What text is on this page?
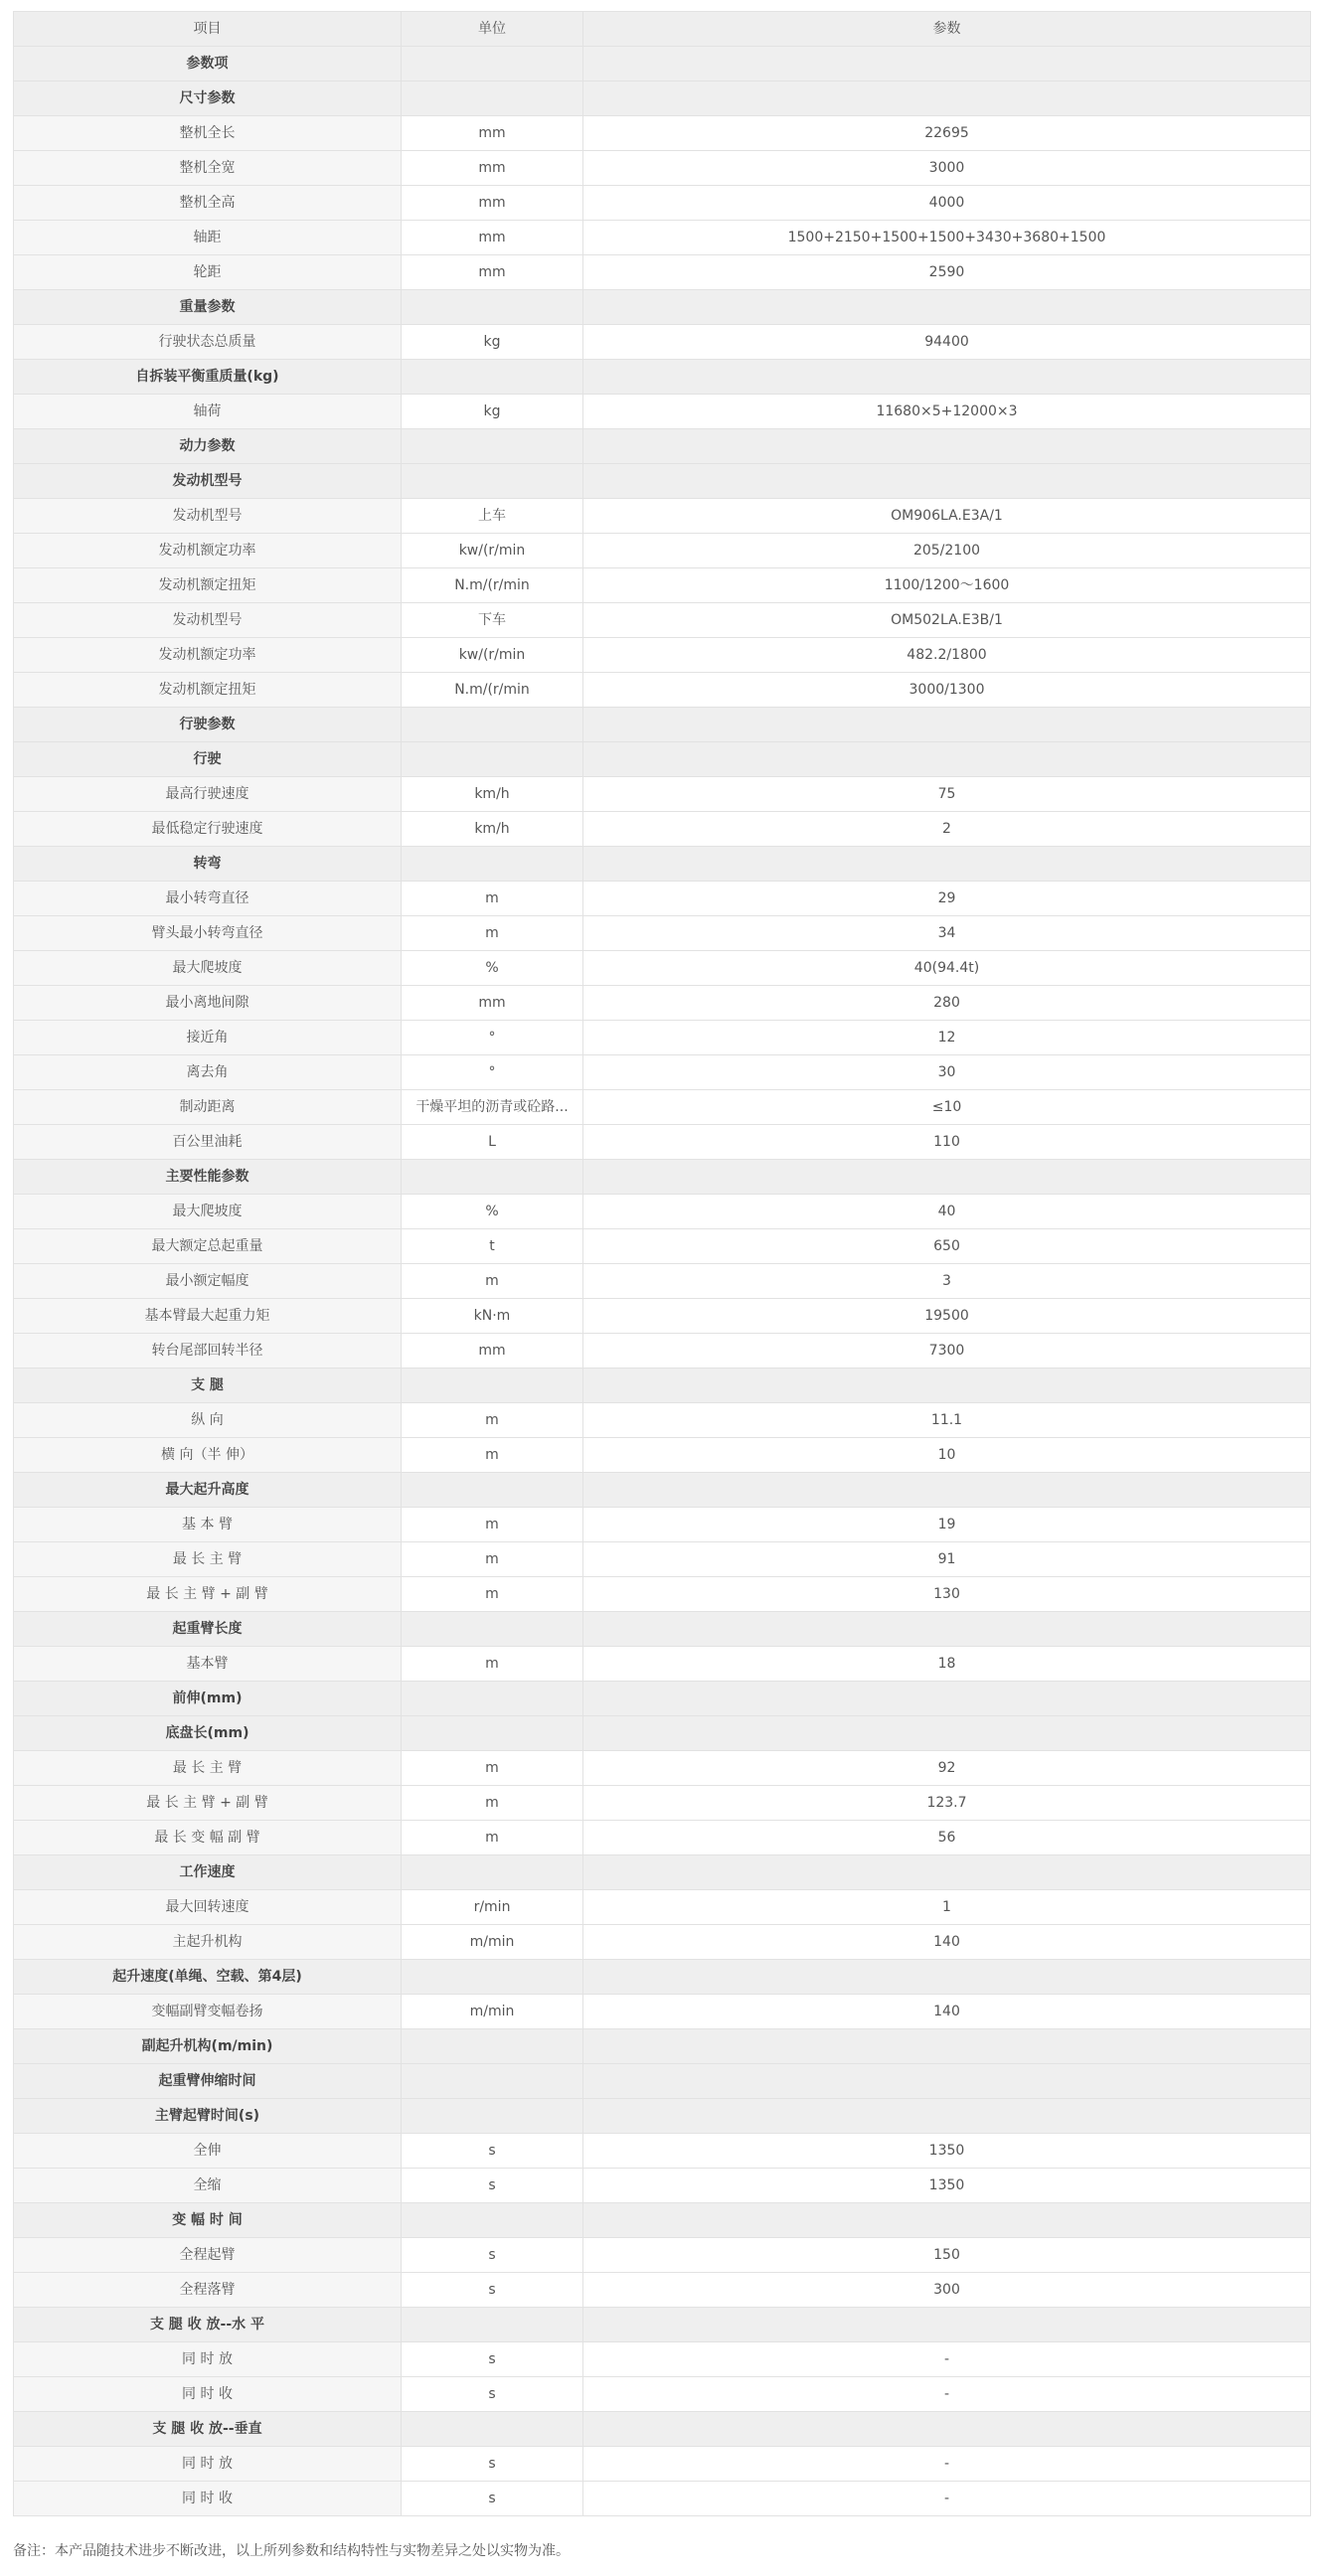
项目	单位	参数
参数项		
尺寸参数		
整机全长	mm	22695
整机全宽	mm	3000
整机全高	mm	4000
轴距	mm	1500+2150+1500+1500+3430+3680+1500
轮距	mm	2590
重量参数		
行驶状态总质量	kg	94400
自拆装平衡重质量(kg)		
轴荷	kg	11680×5+12000×3
动力参数		
发动机型号		
发动机型号	上车	OM906LA.E3A/1
发动机额定功率	kw/(r/min	205/2100
发动机额定扭矩	N.m/(r/min	1100/1200～1600
发动机型号	下车	OM502LA.E3B/1
发动机额定功率	kw/(r/min	482.2/1800
发动机额定扭矩	N.m/(r/min	3000/1300
行驶参数		
行驶		
最高行驶速度	km/h	75
最低稳定行驶速度	km/h	2
转弯		
最小转弯直径	m	29
臂头最小转弯直径	m	34
最大爬坡度	%	40(94.4t)
最小离地间隙	mm	280
接近角	°	12
离去角	°	30
制动距离	干燥平坦的沥青或砼路...	≤10
百公里油耗	L	110
主要性能参数		
最大爬坡度	%	40
最大额定总起重量	t	650
最小额定幅度	m	3
基本臂最大起重力矩	kN·m	19500
转台尾部回转半径	mm	7300
支 腿		
纵 向	m	11.1
横 向（半 伸）	m	10
最大起升高度		
基 本 臂	m	19
最 长 主 臂	m	91
最 长 主 臂 + 副 臂	m	130
起重臂长度		
基本臂	m	18
前伸(mm)		
底盘长(mm)		
最 长 主 臂	m	92
最 长 主 臂 + 副 臂	m	123.7
最 长 变 幅 副 臂	m	56
工作速度		
最大回转速度	r/min	1
主起升机构	m/min	140
起升速度(单绳、空载、第4层)		
变幅副臂变幅卷扬	m/min	140
副起升机构(m/min)		
起重臂伸缩时间		
主臂起臂时间(s)		
全伸	s	1350
全缩	s	1350
变 幅 时 间		
全程起臂	s	150
全程落臂	s	300
支 腿 收 放--水 平		
同 时 放	s	-
同 时 收	s	-
支 腿 收 放--垂直		
同 时 放	s	-
同 时 收	s	-
备注：本产品随技术进步不断改进，以上所列参数和结构特性与实物差异之处以实物为准。
